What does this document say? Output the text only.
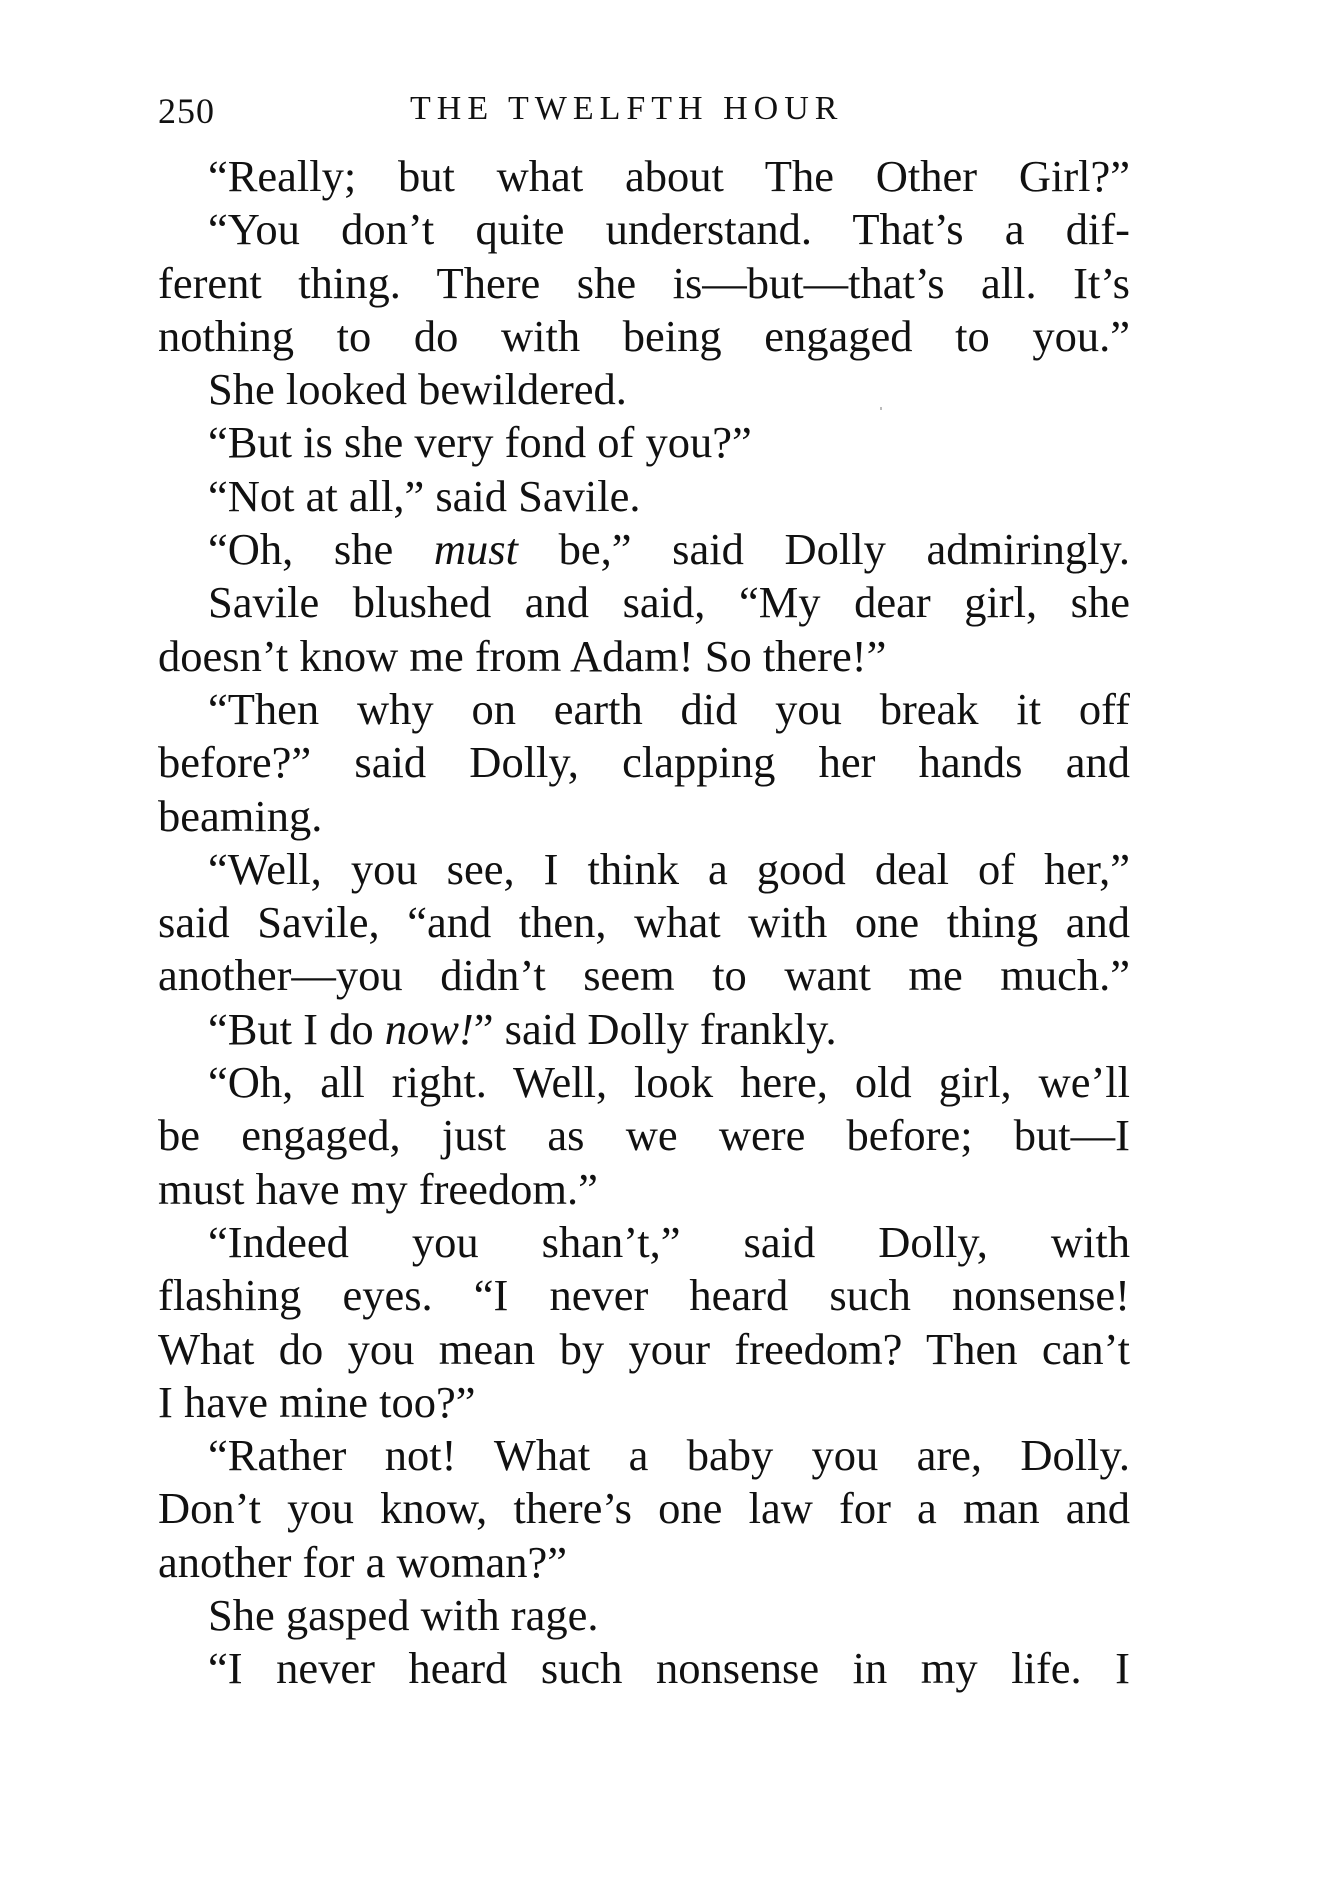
250	THE TWELFTH HOUR
“Really; but what about The Other Girl?”
“You don’t quite understand. That’s a dif-
ferent thing. There she is—but—that’s all. It’s
nothing to do with being engaged to you.”
She looked bewildered.
“But is she very fond of you?”
“Not at all,” said Savile.
“Oh, she must be,” said Dolly admiringly.
Savile blushed and said, “My dear girl, she
doesn’t know me from Adam! So there!”
“Then why on earth did you break it off
before?” said Dolly, clapping her hands and
beaming.
“Well, you see, I think a good deal of her,”
said Savile, “and then, what with one thing and
another—you didn’t seem to want me much.”
“But I do now!” said Dolly frankly.
“Oh, all right. Well, look here, old girl, we’ll
be engaged, just as we were before; but—I
must have my freedom.”
“Indeed you shan’t,” said Dolly, with
flashing eyes. “I never heard such nonsense!
What do you mean by your freedom? Then can’t
I have mine too?”
“Rather not! What a baby you are, Dolly.
Don’t you know, there’s one law for a man and
another for a woman?”
She gasped with rage.
“I never heard such nonsense in my life. I
